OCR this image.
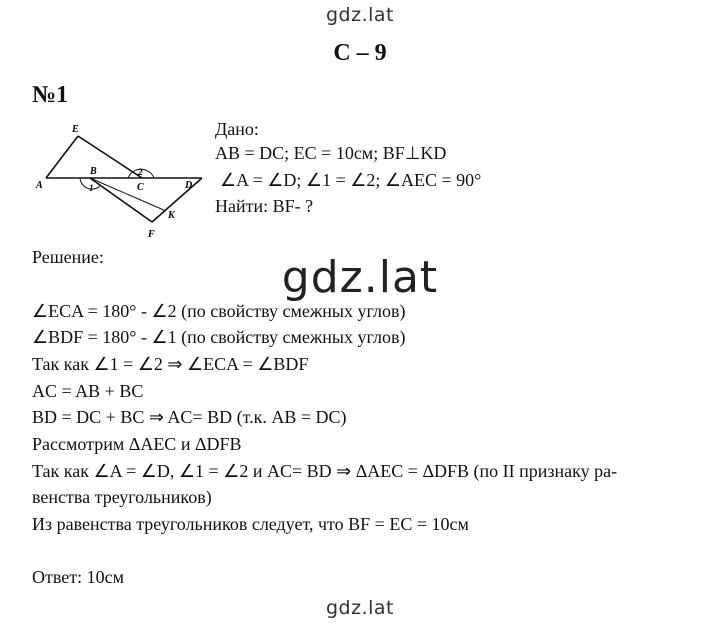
gdz.lat
С – 9
№1
E
A
B
C	D
K
F
1
2
Дано:
AB = DC; EC = 10см; BF⊥KD
∠A = ∠D; ∠1 = ∠2; ∠AEC = 90°
Найти: BF- ?
Решение:	gdz.lat
∠ECA = 180° - ∠2 (по свойству смежных углов)
∠BDF = 180° - ∠1 (по свойству смежных углов)
Так как ∠1 = ∠2 ⇒ ∠ECA = ∠BDF
AC = AB + BC
BD = DC + BC ⇒ AC= BD (т.к. AB = DC)
Рассмотрим ΔAEC и ΔDFB
Так как ∠A = ∠D, ∠1 = ∠2 и AC= BD ⇒ ΔAEC = ΔDFB (по II признаку ра-
венства треугольников)
Из равенства треугольников следует, что BF = EC = 10см
Ответ: 10см
gdz.lat
